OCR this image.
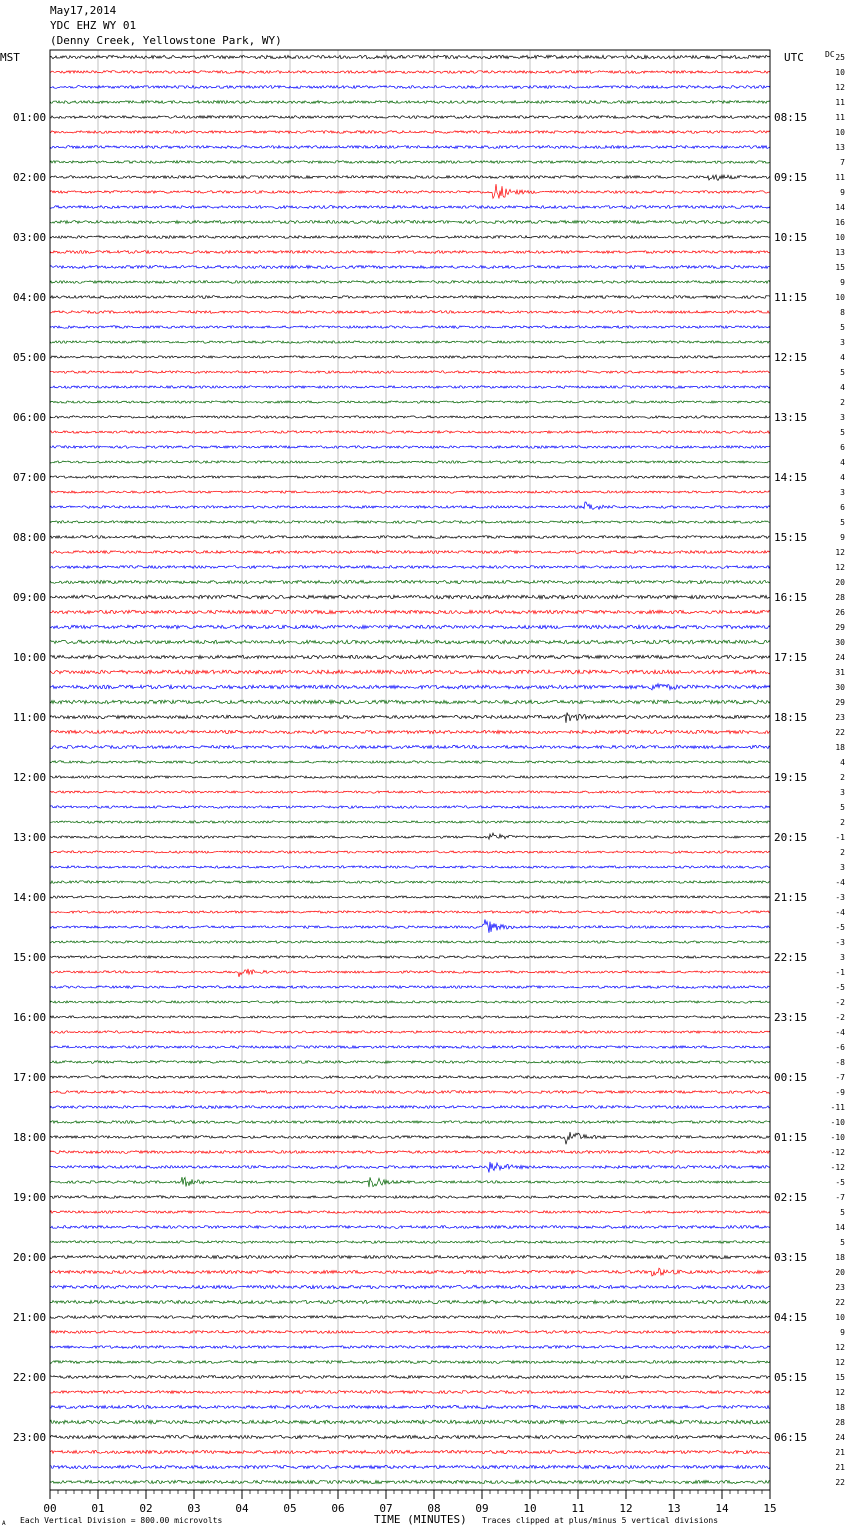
May17,2014
YDC EHZ WY 01
(Denny Creek, Yellowstone Park, WY)
00	01	02	03	04	05	06	07	08	09	10	11	12	13	14	15
01:00
02:00
03:00
04:00
05:00
06:00
07:00
08:00
09:00
10:00
11:00
12:00
13:00
14:00
15:00
16:00
17:00
18:00
19:00
20:00
21:00
22:00
23:00
08:15
09:15
10:15
11:15
12:15
13:15
14:15
15:15
16:15
17:15
18:15
19:15
20:15
21:15
22:15
23:15
00:15
01:15
02:15
03:15
04:15
05:15
06:15
25
10
12
11
11
10
13
7
11
9
14
16
10
13
15
9
10
8
5
3
4
5
4
2
3
5
6
4
4
3
6
5
9
12
12
20
28
26
29
30
24
31
30
29
23
22
18
4
2
3
5
2
-1
2
3
-4
-3
-4
-5
-3
3
-1
-5
-2
-2
-4
-6
-8
-7
-9
-11
-10
-10
-12
-12
-5
-7
5
14
5
18
20
23
22
10
9
12
12
15
12
18
28
24
21
21
22
MST	UTC	DC
TIME (MINUTES)
Each Vertical Division = 800.00 microvolts	Traces clipped at plus/minus 5 vertical divisions
A
